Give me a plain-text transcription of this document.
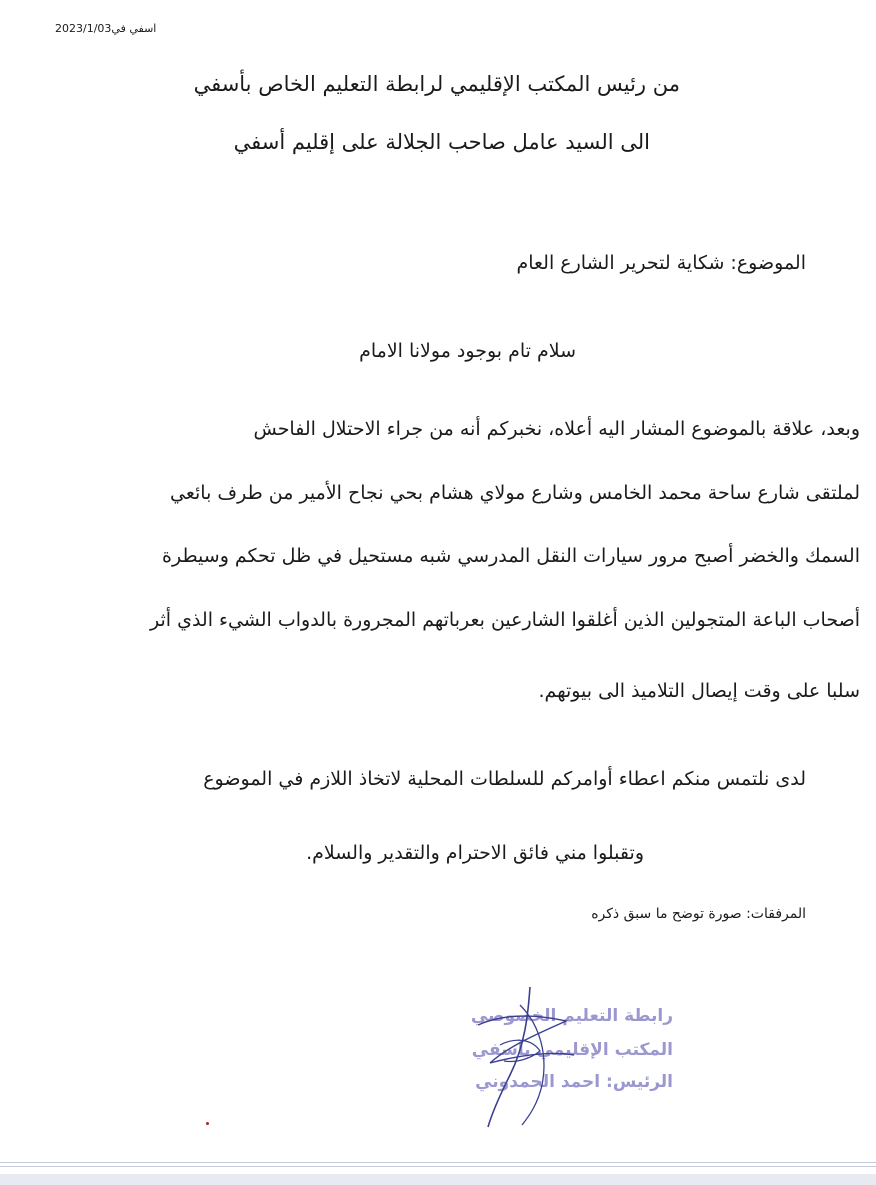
اسفي في2023/1/03
من رئيس المكتب الإقليمي لرابطة التعليم الخاص بأسفي
الى السيد عامل صاحب الجلالة على إقليم أسفي
الموضوع: شكاية لتحرير الشارع العام
سلام تام بوجود مولانا الامام
وبعد، علاقة بالموضوع المشار اليه أعلاه، نخبركم أنه من جراء الاحتلال الفاحش
لملتقى شارع ساحة محمد الخامس وشارع مولاي هشام بحي نجاح الأمير من طرف بائعي
السمك والخضر أصبح مرور سيارات النقل المدرسي شبه مستحيل في ظل تحكم وسيطرة
أصحاب الباعة المتجولين الذين أغلقوا الشارعين بعرباتهم المجرورة بالدواب الشيء الذي أثر
سلبا على وقت إيصال التلاميذ الى بيوتهم.
لدى نلتمس منكم اعطاء أوامركم للسلطات المحلية لاتخاذ اللازم في الموضوع
وتقبلوا مني فائق الاحترام والتقدير والسلام.
المرفقات: صورة توضح ما سبق ذكره
رابطة التعليم الخصوصي
المكتب الإقليمي بآسفي
الرئيس: احمد الحمدوني
